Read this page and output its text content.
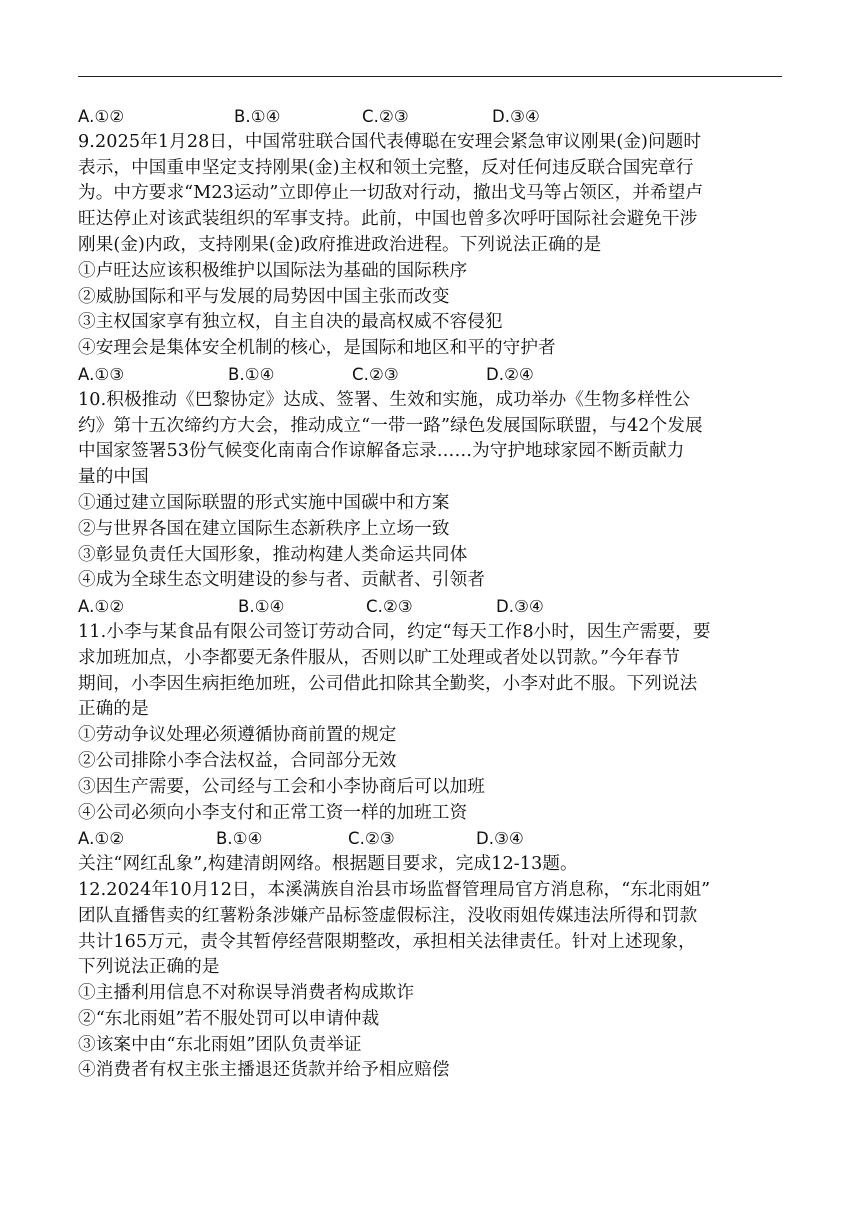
A.①②	B.①④	C.②③	D.③④
9.2025年1月28日，中国常驻联合国代表傅聪在安理会紧急审议刚果(金)问题时
表示，中国重申坚定支持刚果(金)主权和领土完整，反对任何违反联合国宪章行
为。中方要求“M23运动”立即停止一切敌对行动，撤出戈马等占领区，并希望卢
旺达停止对该武装组织的军事支持。此前，中国也曾多次呼吁国际社会避免干涉
刚果(金)内政，支持刚果(金)政府推进政治进程。下列说法正确的是
①卢旺达应该积极维护以国际法为基础的国际秩序
②威胁国际和平与发展的局势因中国主张而改变
③主权国家享有独立权，自主自决的最高权威不容侵犯
④安理会是集体安全机制的核心，是国际和地区和平的守护者
A.①③	B.①④	C.②③	D.②④
10.积极推动《巴黎协定》达成、签署、生效和实施，成功举办《生物多样性公
约》第十五次缔约方大会，推动成立“一带一路”绿色发展国际联盟，与42个发展
中国家签署53份气候变化南南合作谅解备忘录……为守护地球家园不断贡献力
量的中国
①通过建立国际联盟的形式实施中国碳中和方案
②与世界各国在建立国际生态新秩序上立场一致
③彰显负责任大国形象，推动构建人类命运共同体
④成为全球生态文明建设的参与者、贡献者、引领者
A.①②	B.①④	C.②③	D.③④
11.小李与某食品有限公司签订劳动合同，约定“每天工作8小时，因生产需要，要
求加班加点，小李都要无条件服从，否则以旷工处理或者处以罚款。”今年春节
期间，小李因生病拒绝加班，公司借此扣除其全勤奖，小李对此不服。下列说法
正确的是
①劳动争议处理必须遵循协商前置的规定
②公司排除小李合法权益，合同部分无效
③因生产需要，公司经与工会和小李协商后可以加班
④公司必须向小李支付和正常工资一样的加班工资
A.①②	B.①④	C.②③	D.③④
关注“网红乱象”,构建清朗网络。根据题目要求，完成12-13题。
12.2024年10月12日，本溪满族自治县市场监督管理局官方消息称，“东北雨姐”
团队直播售卖的红薯粉条涉嫌产品标签虚假标注，没收雨姐传媒违法所得和罚款
共计165万元，责令其暂停经营限期整改，承担相关法律责任。针对上述现象，
下列说法正确的是
①主播利用信息不对称误导消费者构成欺诈
②“东北雨姐”若不服处罚可以申请仲裁
③该案中由“东北雨姐”团队负责举证
④消费者有权主张主播退还货款并给予相应赔偿
